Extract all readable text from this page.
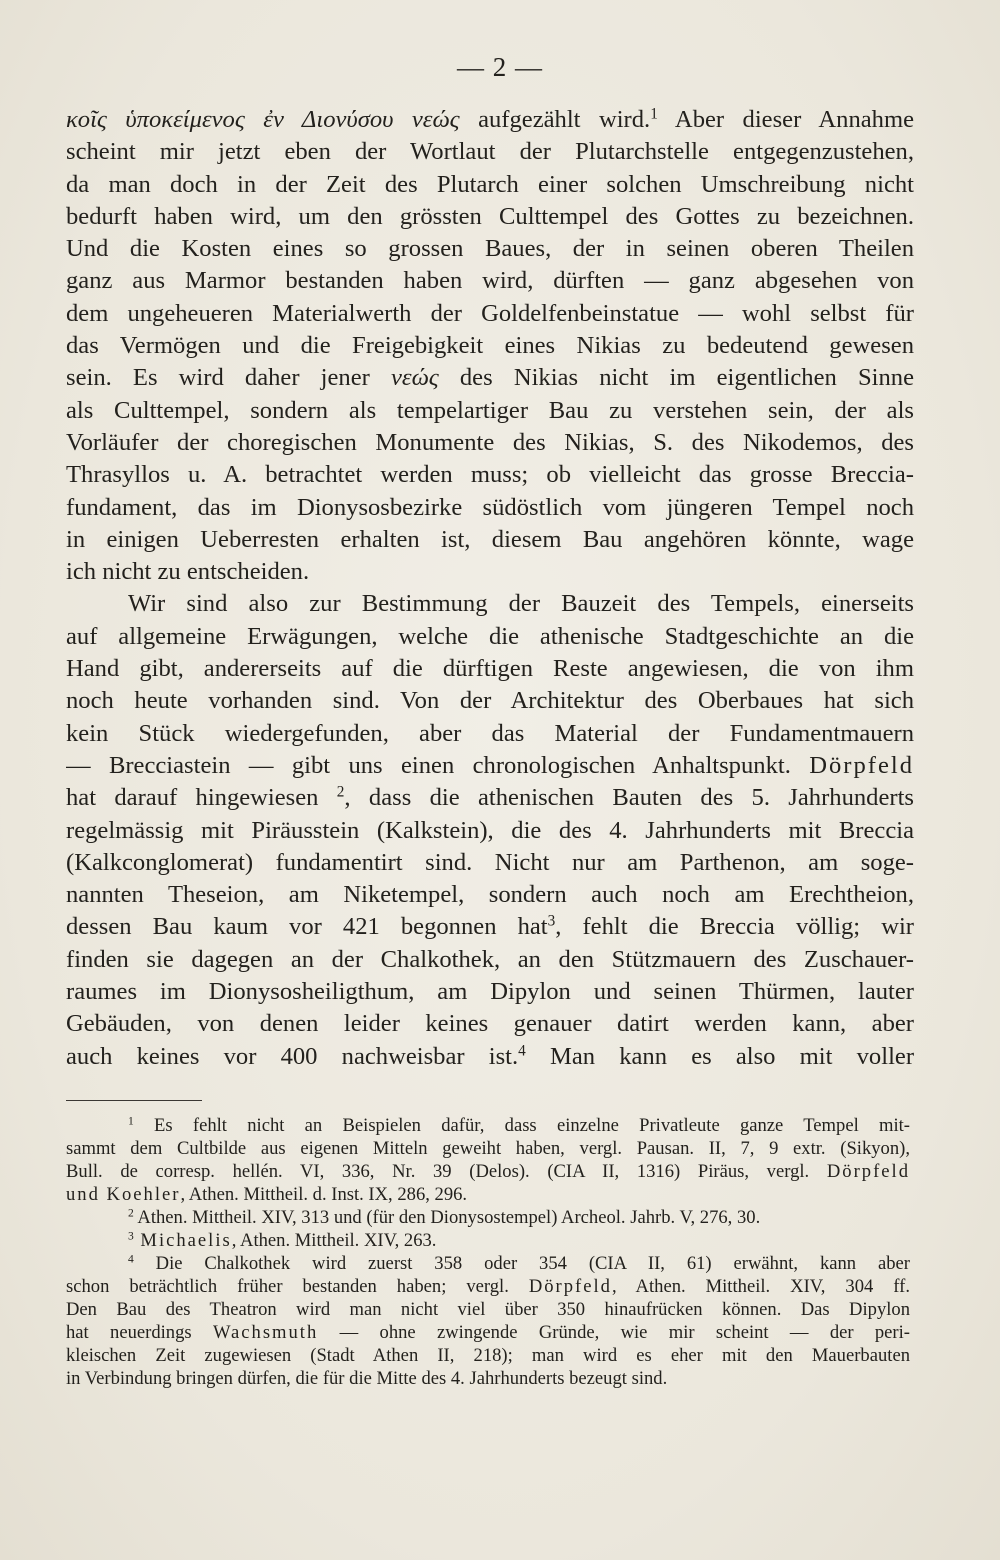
— 2 —
κοῖς ὑποκείμενος ἐν Διονύσου νεώς aufgezählt wird.$^1$ Aber dieser Annahme
scheint mir jetzt eben der Wortlaut der Plutarchstelle entgegenzustehen,
da man doch in der Zeit des Plutarch einer solchen Umschreibung nicht
bedurft haben wird, um den grössten Culttempel des Gottes zu bezeichnen.
Und die Kosten eines so grossen Baues, der in seinen oberen Theilen
ganz aus Marmor bestanden haben wird, dürften — ganz abgesehen von
dem ungeheueren Materialwerth der Goldelfenbeinstatue — wohl selbst für
das Vermögen und die Freigebigkeit eines Nikias zu bedeutend gewesen
sein. Es wird daher jener νεώς des Nikias nicht im eigentlichen Sinne
als Culttempel, sondern als tempelartiger Bau zu verstehen sein, der als
Vorläufer der choregischen Monumente des Nikias, S. des Nikodemos, des
Thrasyllos u. A. betrachtet werden muss; ob vielleicht das grosse Breccia-
fundament, das im Dionysosbezirke südöstlich vom jüngeren Tempel noch
in einigen Ueberresten erhalten ist, diesem Bau angehören könnte, wage
ich nicht zu entscheiden.
Wir sind also zur Bestimmung der Bauzeit des Tempels, einerseits
auf allgemeine Erwägungen, welche die athenische Stadtgeschichte an die
Hand gibt, andererseits auf die dürftigen Reste angewiesen, die von ihm
noch heute vorhanden sind. Von der Architektur des Oberbaues hat sich
kein Stück wiedergefunden, aber das Material der Fundamentmauern
— Brecciastein — gibt uns einen chronologischen Anhaltspunkt. Dörpfeld
hat darauf hingewiesen $^2$, dass die athenischen Bauten des 5. Jahrhunderts
regelmässig mit Piräusstein (Kalkstein), die des 4. Jahrhunderts mit Breccia
(Kalkconglomerat) fundamentirt sind. Nicht nur am Parthenon, am soge-
nannten Theseion, am Niketempel, sondern auch noch am Erechtheion,
dessen Bau kaum vor 421 begonnen hat$^3$, fehlt die Breccia völlig; wir
finden sie dagegen an der Chalkothek, an den Stützmauern des Zuschauer-
raumes im Dionysosheiligthum, am Dipylon und seinen Thürmen, lauter
Gebäuden, von denen leider keines genauer datirt werden kann, aber
auch keines vor 400 nachweisbar ist.$^4$ Man kann es also mit voller
$^1$ Es fehlt nicht an Beispielen dafür, dass einzelne Privatleute ganze Tempel mit-
sammt dem Cultbilde aus eigenen Mitteln geweiht haben, vergl. Pausan. II, 7, 9 extr. (Sikyon),
Bull. de corresp. hellén. VI, 336, Nr. 39 (Delos). (CIA II, 1316) Piräus, vergl. Dörpfeld
und Koehler, Athen. Mittheil. d. Inst. IX, 286, 296.
$^2$ Athen. Mittheil. XIV, 313 und (für den Dionysostempel) Archeol. Jahrb. V, 276, 30.
$^3$ Michaelis, Athen. Mittheil. XIV, 263.
$^4$ Die Chalkothek wird zuerst 358 oder 354 (CIA II, 61) erwähnt, kann aber
schon beträchtlich früher bestanden haben; vergl. Dörpfeld, Athen. Mittheil. XIV, 304 ff.
Den Bau des Theatron wird man nicht viel über 350 hinaufrücken können. Das Dipylon
hat neuerdings Wachsmuth — ohne zwingende Gründe, wie mir scheint — der peri-
kleischen Zeit zugewiesen (Stadt Athen II, 218); man wird es eher mit den Mauerbauten
in Verbindung bringen dürfen, die für die Mitte des 4. Jahrhunderts bezeugt sind.
